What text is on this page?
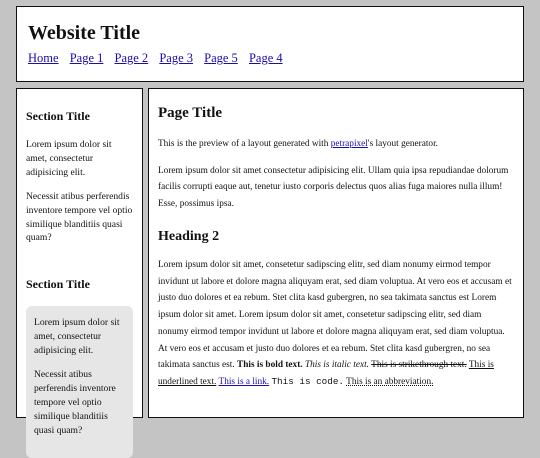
Website Title
Home Page 1 Page 2 Page 3 Page 5 Page 4
Section Title

Lorem ipsum dolor sit amet, consectetur adipisicing elit.

Necessit atibus perferendis inventore tempore vel optio similique blanditiis quasi quam?

Section Title

Lorem ipsum dolor sit amet, consectetur adipisicing elit.

Necessit atibus perferendis inventore tempore vel optio similique blanditiis quasi quam?

Page Title

This is the preview of a layout generated with petrapixel's layout generator.

Lorem ipsum dolor sit amet consectetur adipisicing elit. Ullam quia ipsa repudiandae dolorum facilis corrupti eaque aut, tenetur iusto corporis delectus quos alias fuga maiores nulla illum! Esse, possimus ipsa.

Heading 2

Lorem ipsum dolor sit amet, consetetur sadipscing elitr, sed diam nonumy eirmod tempor invidunt ut labore et dolore magna aliquyam erat, sed diam voluptua. At vero eos et accusam et justo duo dolores et ea rebum. Stet clita kasd gubergren, no sea takimata sanctus est Lorem ipsum dolor sit amet. Lorem ipsum dolor sit amet, consetetur sadipscing elitr, sed diam nonumy eirmod tempor invidunt ut labore et dolore magna aliquyam erat, sed diam voluptua. At vero eos et accusam et justo duo dolores et ea rebum. Stet clita kasd gubergren, no sea takimata sanctus est. This is bold text. This is italic text. This is strikethrough text. This is underlined text. This is a link. This is code. This is an abbreviation.
